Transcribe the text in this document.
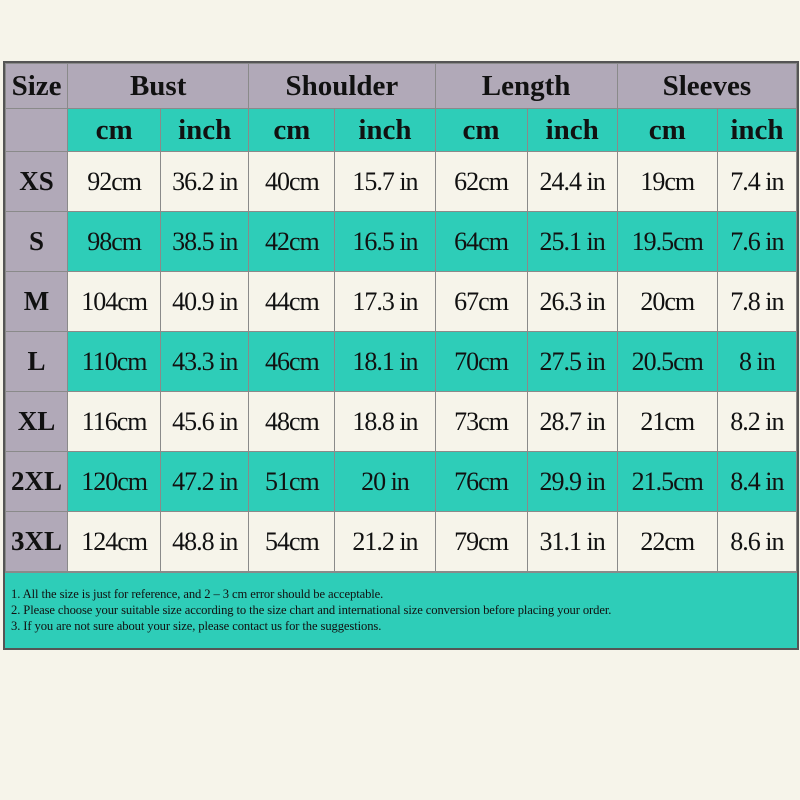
Size	Bust		Shoulder		Length		Sleeves	
	cm	inch	cm	inch	cm	inch	cm	inch
XS	92cm	36.2 in	40cm	15.7 in	62cm	24.4 in	19cm	7.4 in
S	98cm	38.5 in	42cm	16.5 in	64cm	25.1 in	19.5cm	7.6 in
M	104cm	40.9 in	44cm	17.3 in	67cm	26.3 in	20cm	7.8 in
L	110cm	43.3 in	46cm	18.1 in	70cm	27.5 in	20.5cm	8 in
XL	116cm	45.6 in	48cm	18.8 in	73cm	28.7 in	21cm	8.2 in
2XL	120cm	47.2 in	51cm	20 in	76cm	29.9 in	21.5cm	8.4 in
3XL	124cm	48.8 in	54cm	21.2 in	79cm	31.1 in	22cm	8.6 in
1. All the size is just for reference, and 2 – 3 cm error should be acceptable.
2. Please choose your suitable size according to the size chart and international size conversion before placing your order.
3. If you are not sure about your size, please contact us for the suggestions.
